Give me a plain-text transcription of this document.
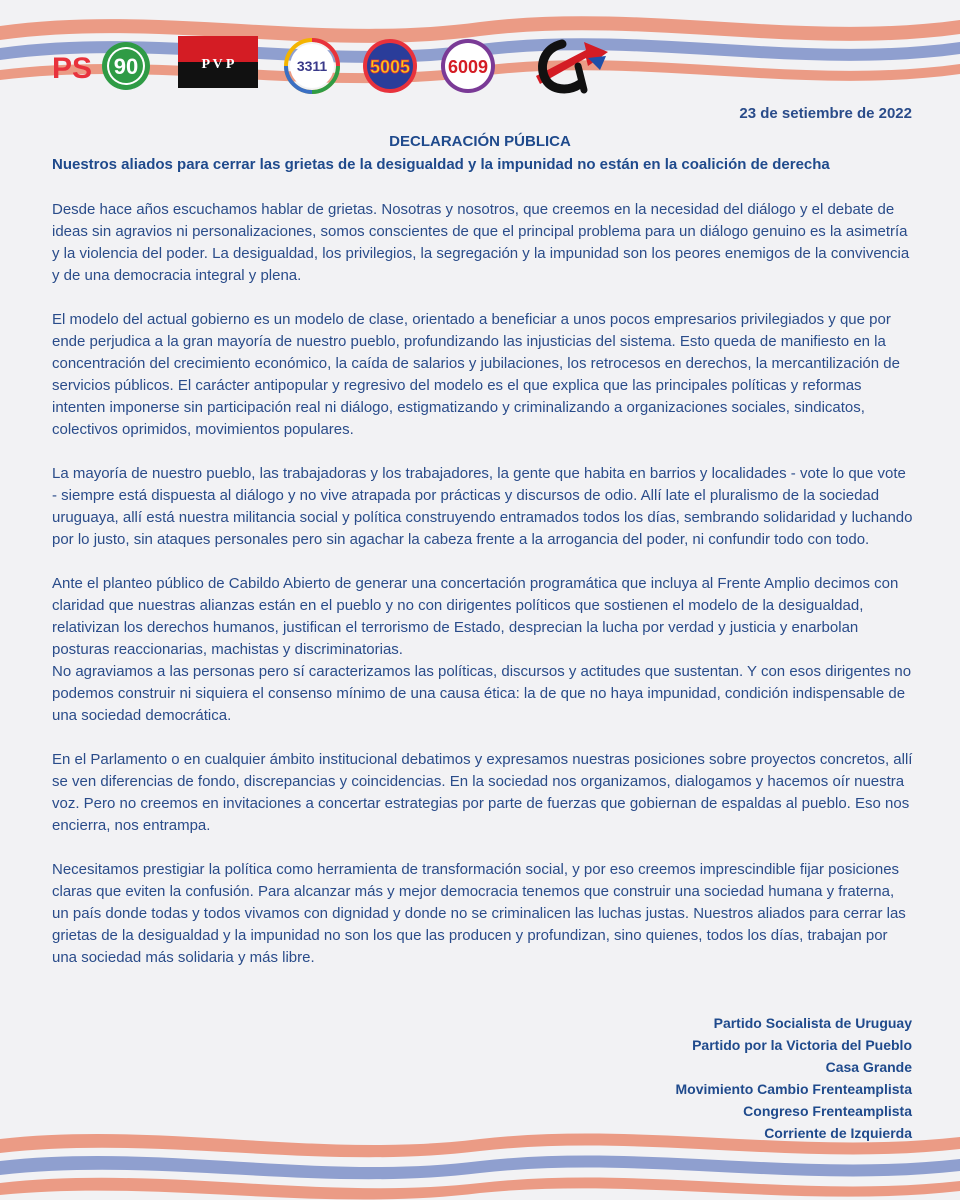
PS 90	P V P	3311 5005 6009
23 de setiembre de 2022
DECLARACIÓN PÚBLICA
Nuestros aliados para cerrar las grietas de la desigualdad y la impunidad no están en la coalición de derecha

Desde hace años escuchamos hablar de grietas. Nosotras y nosotros, que creemos en la necesidad del diálogo y el debate de ideas sin agravios ni personalizaciones, somos conscientes de que el principal problema para un diálogo genuino es la asimetría y la violencia del poder. La desigualdad, los privilegios, la segregación y la impunidad son los peores enemigos de la convivencia y de una democracia integral y plena.

El modelo del actual gobierno es un modelo de clase, orientado a beneficiar a unos pocos empresarios privilegiados y que por ende perjudica a la gran mayoría de nuestro pueblo, profundizando las injusticias del sistema. Esto queda de manifiesto en la concentración del crecimiento económico, la caída de salarios y jubilaciones, los retrocesos en derechos, la mercantilización de servicios públicos. El carácter antipopular y regresivo del modelo es el que explica que las principales políticas y reformas intenten imponerse sin participación real ni diálogo, estigmatizando y criminalizando a organizaciones sociales, sindicatos, colectivos oprimidos, movimientos populares.

La mayoría de nuestro pueblo, las trabajadoras y los trabajadores, la gente que habita en barrios y localidades - vote lo que vote - siempre está dispuesta al diálogo y no vive atrapada por prácticas y discursos de odio. Allí late el pluralismo de la sociedad uruguaya, allí está nuestra militancia social y política construyendo entramados todos los días, sembrando solidaridad y luchando por lo justo, sin ataques personales pero sin agachar la cabeza frente a la arrogancia del poder, ni confundir todo con todo.

Ante el planteo público de Cabildo Abierto de generar una concertación programática que incluya al Frente Amplio decimos con claridad que nuestras alianzas están en el pueblo y no con dirigentes políticos que sostienen el modelo de la desigualdad, relativizan los derechos humanos, justifican el terrorismo de Estado, desprecian la lucha por verdad y justicia y enarbolan posturas reaccionarias, machistas y discriminatorias.

No agraviamos a las personas pero sí caracterizamos las políticas, discursos y actitudes que sustentan. Y con esos dirigentes no podemos construir ni siquiera el consenso mínimo de una causa ética: la de que no haya impunidad, condición indispensable de una sociedad democrática.

En el Parlamento o en cualquier ámbito institucional debatimos y expresamos nuestras posiciones sobre proyectos concretos, allí se ven diferencias de fondo, discrepancias y coincidencias. En la sociedad nos organizamos, dialogamos y hacemos oír nuestra voz. Pero no creemos en invitaciones a concertar estrategias por parte de fuerzas que gobiernan de espaldas al pueblo. Eso nos encierra, nos entrampa.

Necesitamos prestigiar la política como herramienta de transformación social, y por eso creemos imprescindible fijar posiciones claras que eviten la confusión. Para alcanzar más y mejor democracia tenemos que construir una sociedad humana y fraterna, un país donde todas y todos vivamos con dignidad y donde no se criminalicen las luchas justas. Nuestros aliados para cerrar las grietas de la desigualdad y la impunidad no son los que las producen y profundizan, sino quienes, todos los días, trabajan por una sociedad más solidaria y más libre.

Partido Socialista de Uruguay
Partido por la Victoria del Pueblo
Casa Grande
Movimiento Cambio Frenteamplista
Congreso Frenteamplista
Corriente de Izquierda
